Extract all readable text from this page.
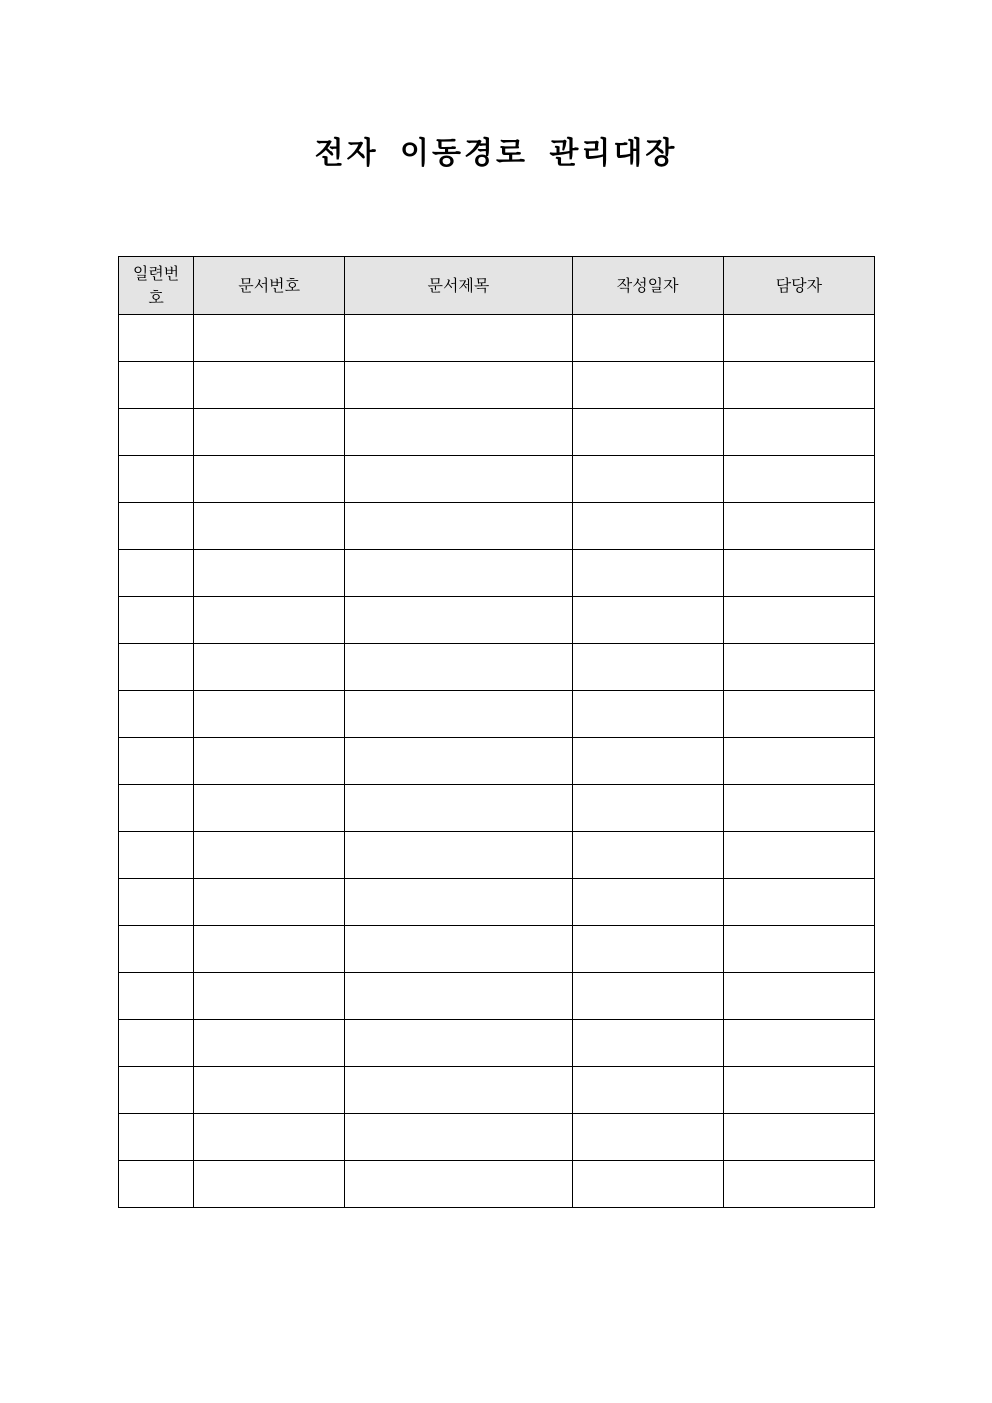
전자 이동경로 관리대장
일련번호	문서번호	문서제목	작성일자	담당자
